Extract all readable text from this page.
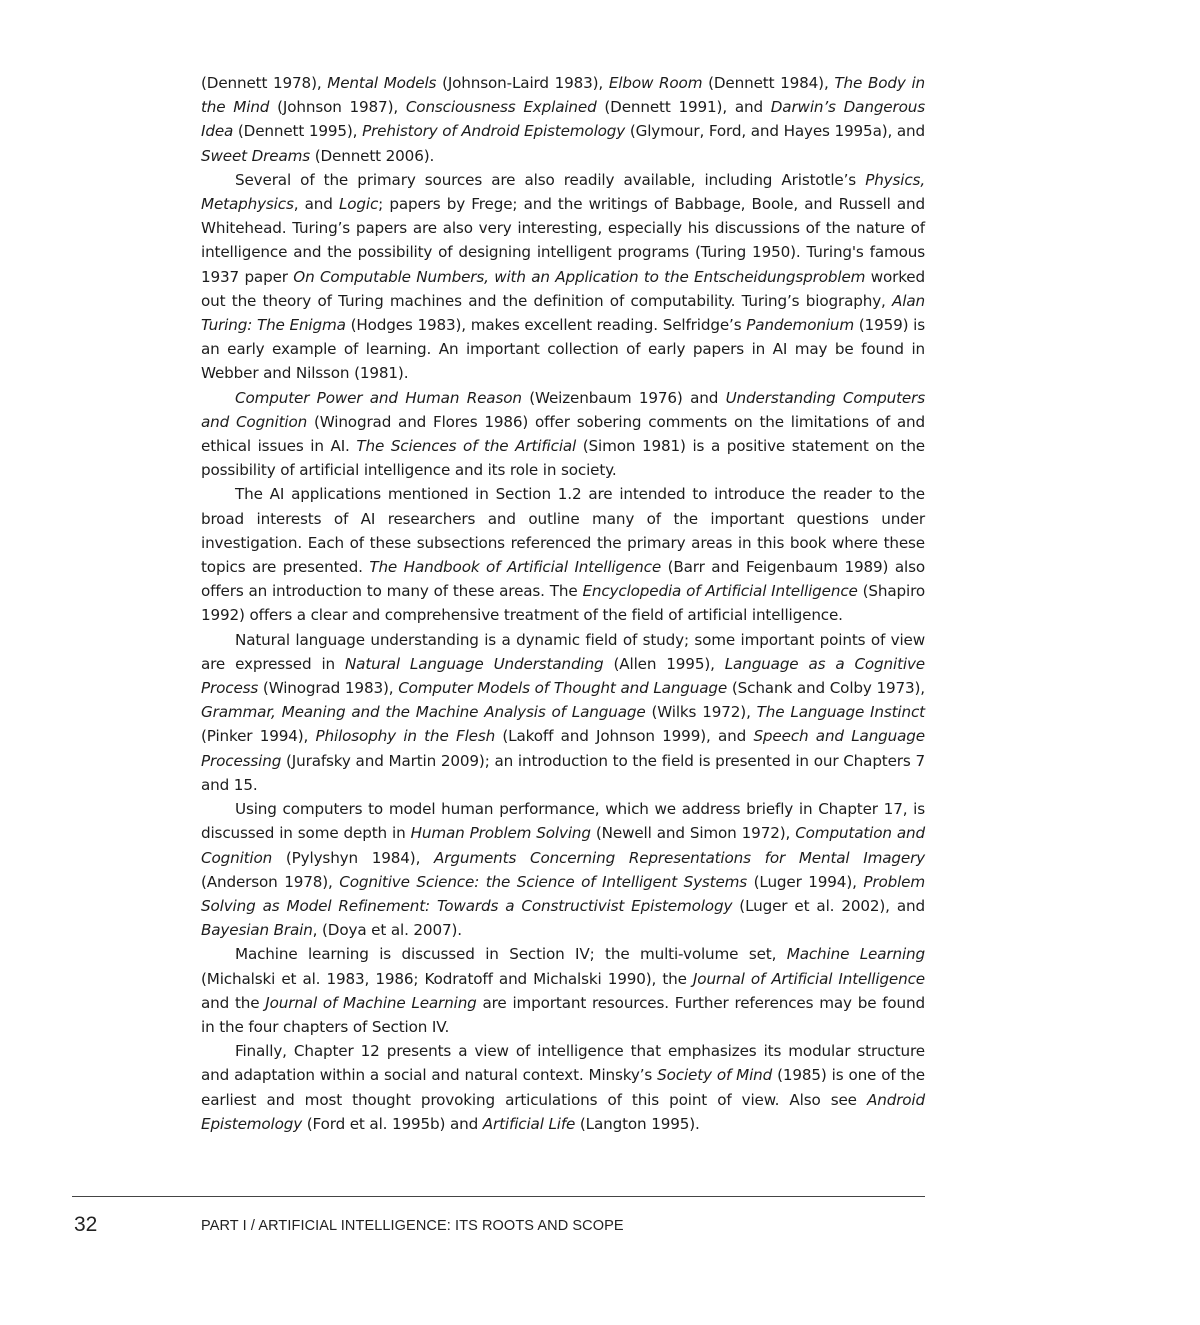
(Dennett 1978), Mental Models (Johnson-Laird 1983), Elbow Room (Dennett 1984), The Body in the Mind (Johnson 1987), Consciousness Explained (Dennett 1991), and Darwin’s Dangerous Idea (Dennett 1995), Prehistory of Android Epistemology (Glymour, Ford, and Hayes 1995a), and Sweet Dreams (Dennett 2006).

Several of the primary sources are also readily available, including Aristotle’s Physics, Metaphysics, and Logic; papers by Frege; and the writings of Babbage, Boole, and Russell and Whitehead. Turing’s papers are also very interesting, especially his discussions of the nature of intelligence and the possibility of designing intelligent programs (Turing 1950). Turing's famous 1937 paper On Computable Numbers, with an Application to the Entscheidungsproblem worked out the theory of Turing machines and the definition of computability. Turing’s biography, Alan Turing: The Enigma (Hodges 1983), makes excellent reading. Selfridge’s Pandemonium (1959) is an early example of learning. An important collection of early papers in AI may be found in Webber and Nilsson (1981).

Computer Power and Human Reason (Weizenbaum 1976) and Understanding Computers and Cognition (Winograd and Flores 1986) offer sobering comments on the limitations of and ethical issues in AI. The Sciences of the Artificial (Simon 1981) is a positive statement on the possibility of artificial intelligence and its role in society.

The AI applications mentioned in Section 1.2 are intended to introduce the reader to the broad interests of AI researchers and outline many of the important questions under investigation. Each of these subsections referenced the primary areas in this book where these topics are presented. The Handbook of Artificial Intelligence (Barr and Feigenbaum 1989) also offers an introduction to many of these areas. The Encyclopedia of Artificial Intelligence (Shapiro 1992) offers a clear and comprehensive treatment of the field of artificial intelligence.

Natural language understanding is a dynamic field of study; some important points of view are expressed in Natural Language Understanding (Allen 1995), Language as a Cognitive Process (Winograd 1983), Computer Models of Thought and Language (Schank and Colby 1973), Grammar, Meaning and the Machine Analysis of Language (Wilks 1972), The Language Instinct (Pinker 1994), Philosophy in the Flesh (Lakoff and Johnson 1999), and Speech and Language Processing (Jurafsky and Martin 2009); an introduction to the field is presented in our Chapters 7 and 15.

Using computers to model human performance, which we address briefly in Chapter 17, is discussed in some depth in Human Problem Solving (Newell and Simon 1972), Computation and Cognition (Pylyshyn 1984), Arguments Concerning Representations for Mental Imagery (Anderson 1978), Cognitive Science: the Science of Intelligent Systems (Luger 1994), Problem Solving as Model Refinement: Towards a Constructivist Epistemology (Luger et al. 2002), and Bayesian Brain, (Doya et al. 2007).

Machine learning is discussed in Section IV; the multi-volume set, Machine Learning (Michalski et al. 1983, 1986; Kodratoff and Michalski 1990), the Journal of Artificial Intelligence and the Journal of Machine Learning are important resources. Further references may be found in the four chapters of Section IV.

Finally, Chapter 12 presents a view of intelligence that emphasizes its modular structure and adaptation within a social and natural context. Minsky’s Society of Mind (1985) is one of the earliest and most thought provoking articulations of this point of view. Also see Android Epistemology (Ford et al. 1995b) and Artificial Life (Langton 1995).

32	PART I / ARTIFICIAL INTELLIGENCE: ITS ROOTS AND SCOPE
